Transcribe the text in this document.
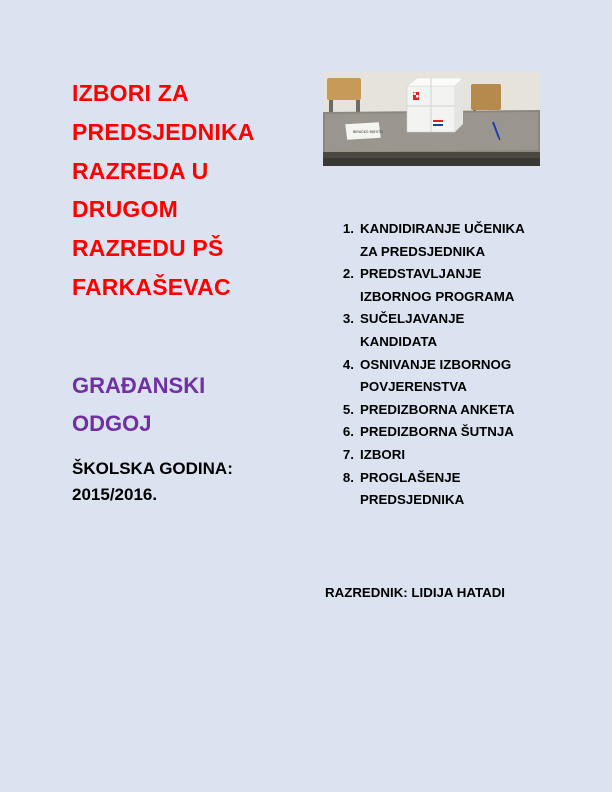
IZBORI ZA
PREDSJEDNIKA
RAZREDA U
DRUGOM
RAZREDU PŠ
FARKAŠEVAC
GRAĐANSKI
ODGOJ
ŠKOLSKA GODINA:
2015/2016.
BIRAČKO MJESTO
1. KANDIDIRANJE UČENIKA
ZA PREDSJEDNIKA
2. PREDSTAVLJANJE
IZBORNOG PROGRAMA
3. SUČELJAVANJE
KANDIDATA
4. OSNIVANJE IZBORNOG
POVJERENSTVA
5. PREDIZBORNA ANKETA
6. PREDIZBORNA ŠUTNJA
7. IZBORI
8. PROGLAŠENJE
PREDSJEDNIKA
RAZREDNIK: LIDIJA HATADI
